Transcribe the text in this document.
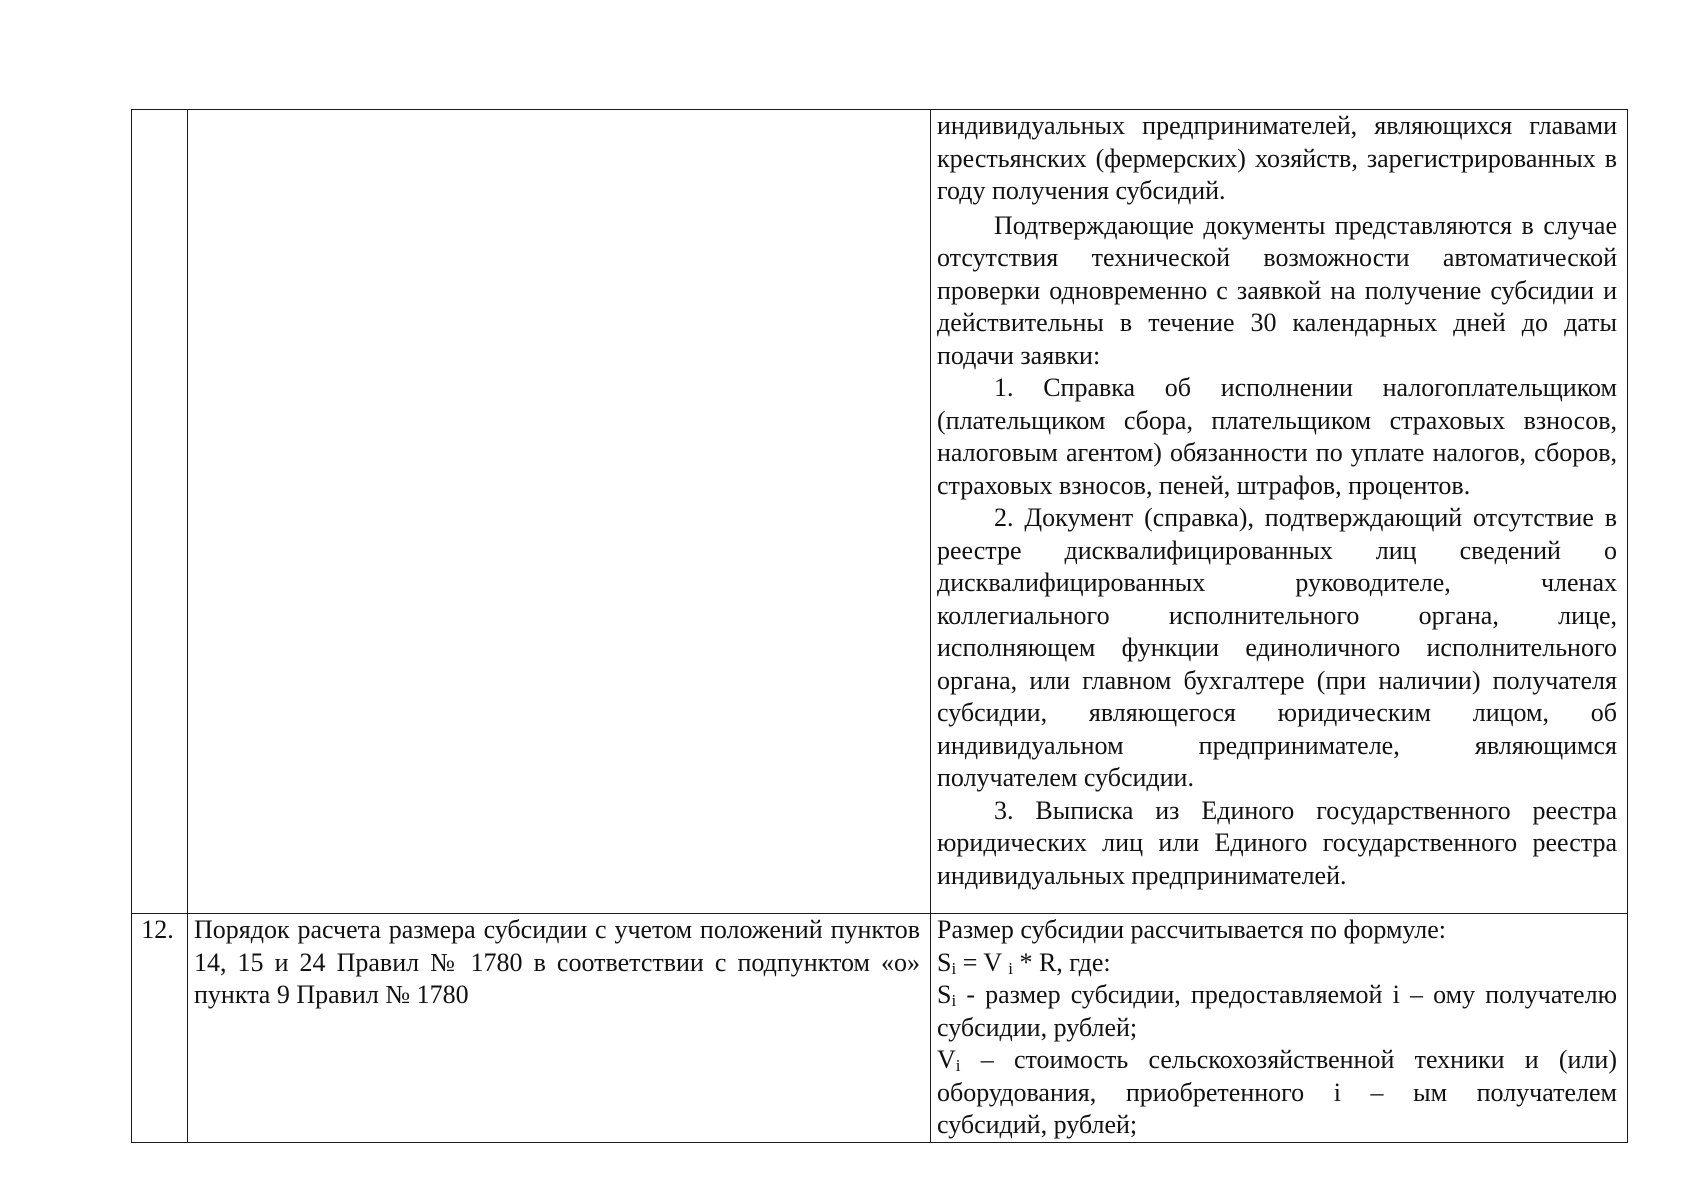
		индивидуальных предпринимателей, являющихся главами крестьянских (фермерских) хозяйств, зарегистрированных в году получения субсидий.

Подтверждающие документы представляются в случае отсутствия технической возможности автоматической проверки одновременно с заявкой на получение субсидии и действительны в течение 30 календарных дней до даты подачи заявки:

1. Справка об исполнении налогоплательщиком (плательщиком сбора, плательщиком страховых взносов, налоговым агентом) обязанности по уплате налогов, сборов, страховых взносов, пеней, штрафов, процентов.

2. Документ (справка), подтверждающий отсутствие в реестре дисквалифицированных лиц сведений о дисквалифицированных руководителе, членах коллегиального исполнительного органа, лице, исполняющем функции единоличного исполнительного органа, или главном бухгалтере (при наличии) получателя субсидии, являющегося юридическим лицом, об индивидуальном предпринимателе, являющимся получателем субсидии.

3. Выписка из Единого государственного реестра юридических лиц или Единого государственного реестра индивидуальных предпринимателей.

12.	Порядок расчета размера субсидии с учетом положений пунктов 14, 15 и 24 Правил № 1780 в соответствии с подпунктом «о» пункта 9 Правил № 1780	Размер субсидии рассчитывается по формуле:

$S_i = V$ $_i$ * R, где:

$S_i$ - размер субсидии, предоставляемой i – ому получателю субсидии, рублей;

$V_i$ – стоимость сельскохозяйственной техники и (или) оборудования, приобретенного i – ым получателем субсидий, рублей;
